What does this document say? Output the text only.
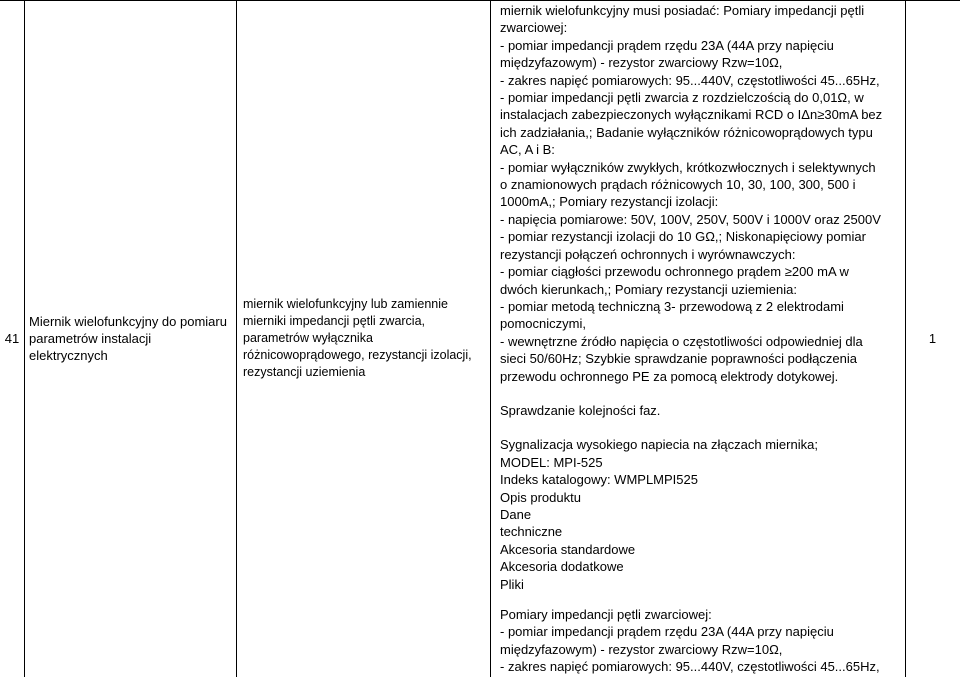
41
Miernik wielofunkcyjny do pomiaru parametrów instalacji elektrycznych
miernik wielofunkcyjny lub zamiennie mierniki impedancji pętli zwarcia, parametrów wyłącznika różnicowoprądowego, rezystancji izolacji, rezystancji uziemienia
miernik wielofunkcyjny musi posiadać: Pomiary impedancji pętli
zwarciowej:
- pomiar impedancji prądem rzędu 23A (44A przy napięciu
międzyfazowym) - rezystor zwarciowy Rzw=10Ω,
- zakres napięć pomiarowych: 95...440V, częstotliwości 45...65Hz,
- pomiar impedancji pętli zwarcia z rozdzielczością do 0,01Ω, w
instalacjach zabezpieczonych wyłącznikami RCD o IΔn≥30mA bez
ich zadziałania,; Badanie wyłączników różnicowoprądowych typu
AC, A i B:
- pomiar wyłączników zwykłych, krótkozwłocznych i selektywnych
o znamionowych prądach różnicowych 10, 30, 100, 300, 500 i
1000mA,; Pomiary rezystancji izolacji:
- napięcia pomiarowe: 50V, 100V, 250V, 500V i 1000V oraz 2500V
- pomiar rezystancji izolacji do 10 GΩ,; Niskonapięciowy pomiar
rezystancji połączeń ochronnych i wyrównawczych:
- pomiar ciągłości przewodu ochronnego prądem ≥200 mA w
dwóch kierunkach,; Pomiary rezystancji uziemienia:
- pomiar metodą techniczną 3- przewodową z 2 elektrodami
pomocniczymi,
- wewnętrzne źródło napięcia o częstotliwości odpowiedniej dla
sieci 50/60Hz; Szybkie sprawdzanie poprawności podłączenia
przewodu ochronnego PE za pomocą elektrody dotykowej.
Sprawdzanie kolejności faz.
Sygnalizacja wysokiego napiecia na złączach miernika;
MODEL: MPI-525
Indeks katalogowy: WMPLMPI525
Opis produktu
Dane
techniczne
Akcesoria standardowe
Akcesoria dodatkowe
Pliki
Pomiary impedancji pętli zwarciowej:
- pomiar impedancji prądem rzędu 23A (44A przy napięciu
międzyfazowym) - rezystor zwarciowy Rzw=10Ω,
- zakres napięć pomiarowych: 95...440V, częstotliwości 45...65Hz,
1
